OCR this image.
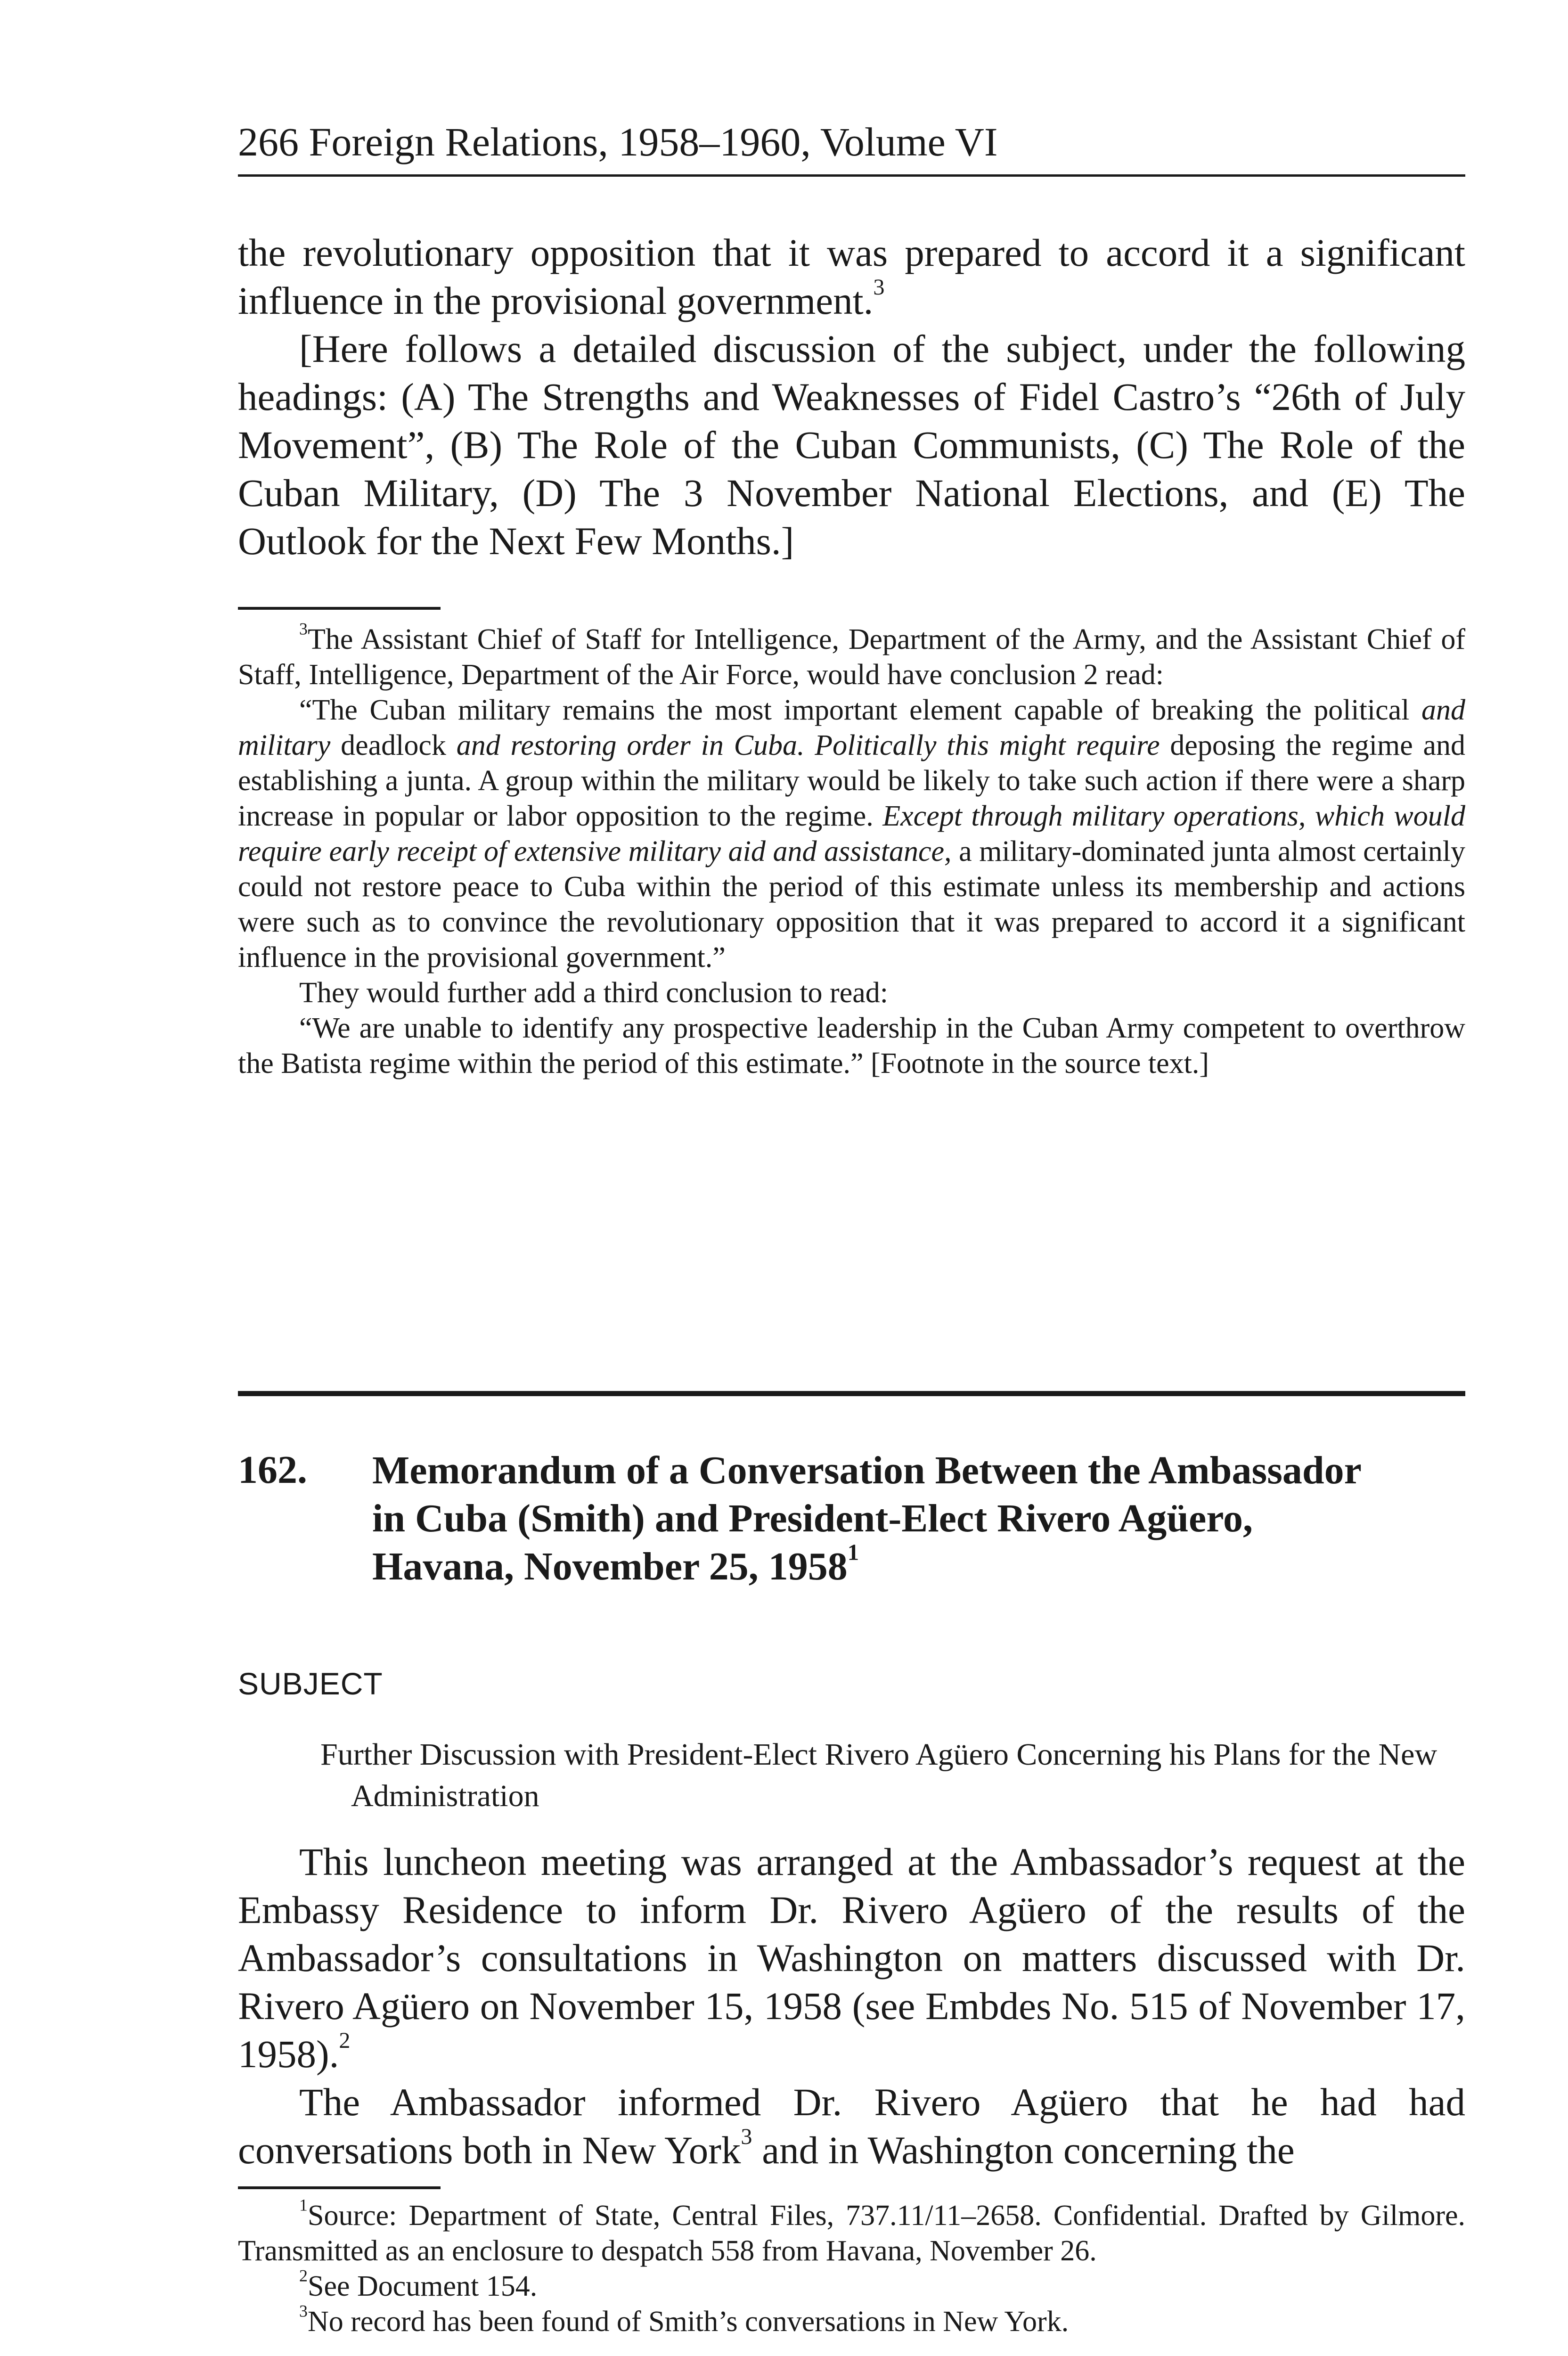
266 Foreign Relations, 1958–1960, Volume VI

the revolutionary opposition that it was prepared to accord it a significant influence in the provisional government.$^3$

[Here follows a detailed discussion of the subject, under the following headings: (A) The Strengths and Weaknesses of Fidel Castro’s “26th of July Movement”, (B) The Role of the Cuban Communists, (C) The Role of the Cuban Military, (D) The 3 November National Elections, and (E) The Outlook for the Next Few Months.]

$^3$The Assistant Chief of Staff for Intelligence, Department of the Army, and the Assistant Chief of Staff, Intelligence, Department of the Air Force, would have conclusion 2 read:

“The Cuban military remains the most important element capable of breaking the political and military deadlock and restoring order in Cuba. Politically this might require deposing the regime and establishing a junta. A group within the military would be likely to take such action if there were a sharp increase in popular or labor opposition to the regime. Except through military operations, which would require early receipt of extensive military aid and assistance, a military-dominated junta almost certainly could not restore peace to Cuba within the period of this estimate unless its membership and actions were such as to convince the revolutionary opposition that it was prepared to accord it a significant influence in the provisional government.”

They would further add a third conclusion to read:

“We are unable to identify any prospective leadership in the Cuban Army competent to overthrow the Batista regime within the period of this estimate.” [Footnote in the source text.]

162. Memorandum of a Conversation Between the Ambassador
in Cuba (Smith) and President-Elect Rivero Agüero,
Havana, November 25, 1958$^1$
SUBJECT
Further Discussion with President-Elect Rivero Agüero Concerning his Plans for the New Administration

This luncheon meeting was arranged at the Ambassador’s request at the Embassy Residence to inform Dr. Rivero Agüero of the results of the Ambassador’s consultations in Washington on matters discussed with Dr. Rivero Agüero on November 15, 1958 (see Embdes No. 515 of November 17, 1958).$^2$

The Ambassador informed Dr. Rivero Agüero that he had had conversations both in New York$^3$ and in Washington concerning the

$^1$Source: Department of State, Central Files, 737.11/11–2658. Confidential. Drafted by Gilmore. Transmitted as an enclosure to despatch 558 from Havana, November 26.

$^2$See Document 154.

$^3$No record has been found of Smith’s conversations in New York.
